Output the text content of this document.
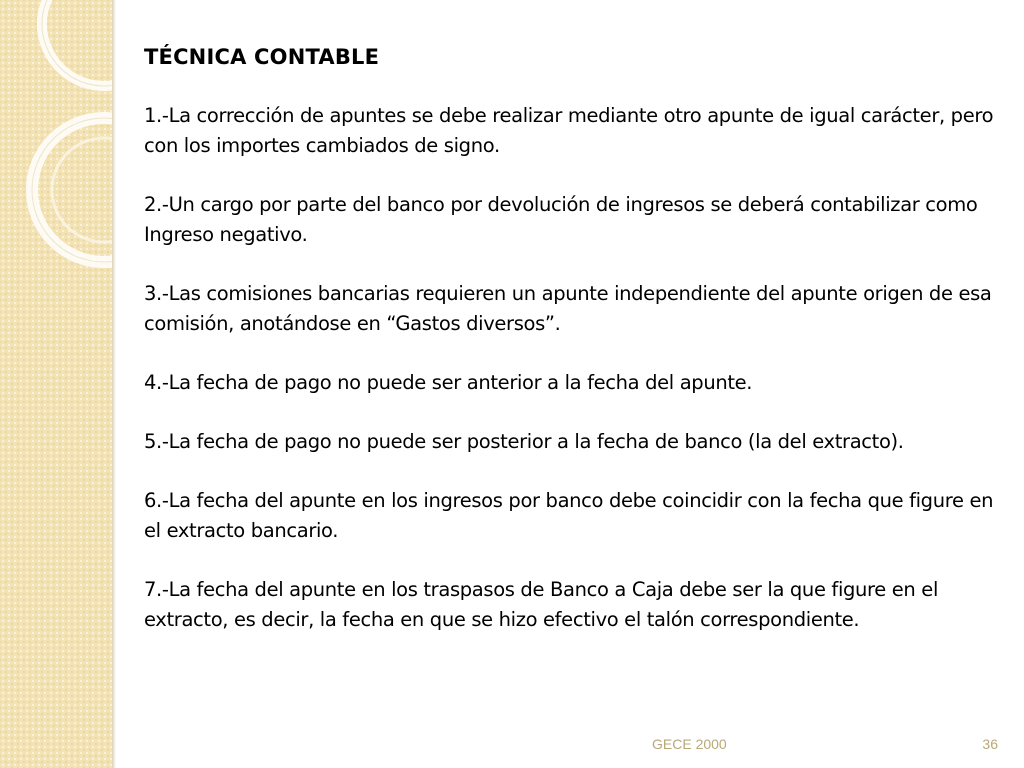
TÉCNICA CONTABLE
1.-La corrección de apuntes se debe realizar mediante otro apunte de igual carácter, pero con los importes cambiados de signo.
2.-Un cargo por parte del banco por devolución de ingresos se deberá contabilizar como Ingreso negativo.
3.-Las comisiones bancarias requieren un apunte independiente del apunte origen de esa comisión, anotándose en “Gastos diversos”.
4.-La fecha de pago no puede ser anterior a la fecha del apunte.
5.-La fecha de pago no puede ser posterior a la fecha de banco (la del extracto).
6.-La fecha del apunte en los ingresos por banco debe coincidir con la fecha que figure en el extracto bancario.
7.-La fecha del apunte en los traspasos de Banco a Caja debe ser la que figure en el extracto, es decir, la fecha en que se hizo efectivo el talón correspondiente.
GECE 2000	36
